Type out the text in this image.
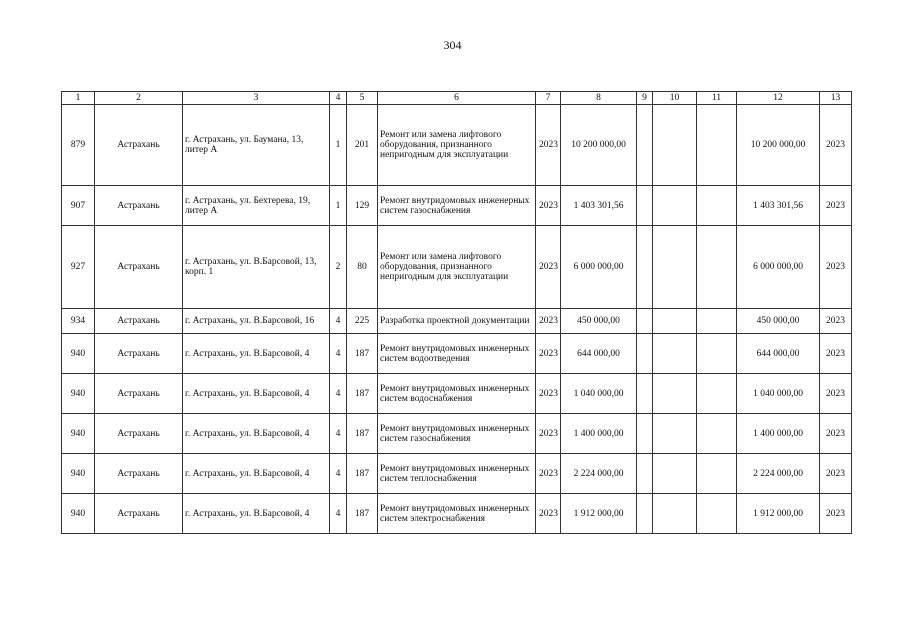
304
1	2	3	4	5	6	7	8	9	10	11	12	13
879	Астрахань	г. Астрахань, ул. Баумана, 13, литер А	1	201	Ремонт или замена лифтового оборудования, признанного непригодным для эксплуатации	2023	10 200 000,00				10 200 000,00	2023
907	Астрахань	г. Астрахань, ул. Бехтерева, 19, литер А	1	129	Ремонт внутридомовых инженерных систем газоснабжения	2023	1 403 301,56				1 403 301,56	2023
927	Астрахань	г. Астрахань, ул. В.Барсовой, 13, корп. 1	2	80	Ремонт или замена лифтового оборудования, признанного непригодным для эксплуатации	2023	6 000 000,00				6 000 000,00	2023
934	Астрахань	г. Астрахань, ул. В.Барсовой, 16	4	225	Разработка проектной документации	2023	450 000,00				450 000,00	2023
940	Астрахань	г. Астрахань, ул. В.Барсовой, 4	4	187	Ремонт внутридомовых инженерных систем водоотведения	2023	644 000,00				644 000,00	2023
940	Астрахань	г. Астрахань, ул. В.Барсовой, 4	4	187	Ремонт внутридомовых инженерных систем водоснабжения	2023	1 040 000,00				1 040 000,00	2023
940	Астрахань	г. Астрахань, ул. В.Барсовой, 4	4	187	Ремонт внутридомовых инженерных систем газоснабжения	2023	1 400 000,00				1 400 000,00	2023
940	Астрахань	г. Астрахань, ул. В.Барсовой, 4	4	187	Ремонт внутридомовых инженерных систем теплоснабжения	2023	2 224 000,00				2 224 000,00	2023
940	Астрахань	г. Астрахань, ул. В.Барсовой, 4	4	187	Ремонт внутридомовых инженерных систем электроснабжения	2023	1 912 000,00				1 912 000,00	2023
